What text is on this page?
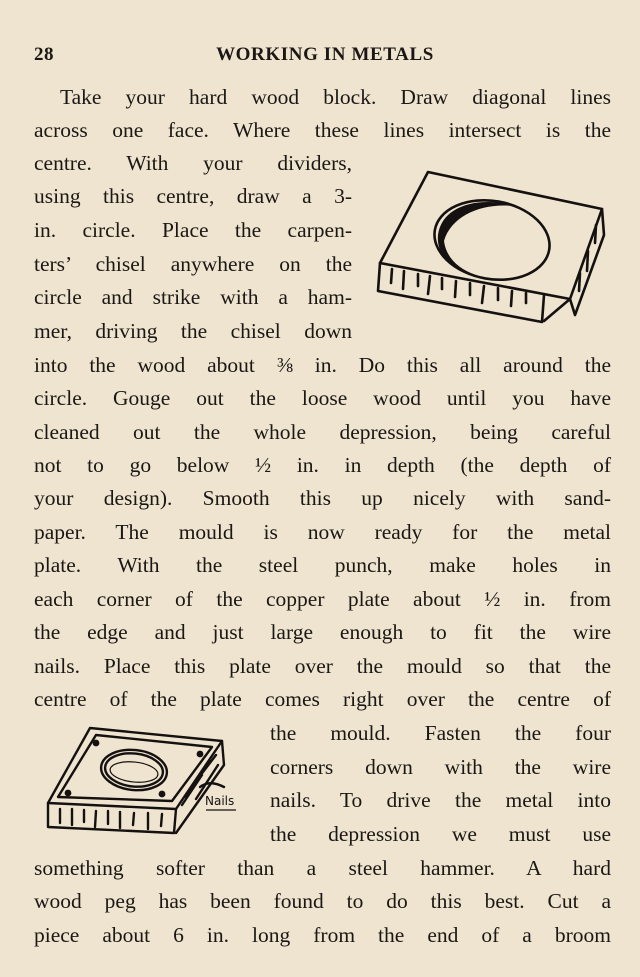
28	WORKING IN METALS
Take your hard wood block. Draw diagonal lines
across one face. Where these lines intersect is the
centre. With your dividers,
using this centre, draw a 3-
in. circle. Place the carpen-
ters’ chisel anywhere on the
circle and strike with a ham-
mer, driving the chisel down
into the wood about ⅜ in. Do this all around the
circle. Gouge out the loose wood until you have
cleaned out the whole depression, being careful
not to go below ½ in. in depth (the depth of
your design). Smooth this up nicely with sand-
paper. The mould is now ready for the metal
plate. With the steel punch, make holes in
each corner of the copper plate about ½ in. from
the edge and just large enough to fit the wire
nails. Place this plate over the mould so that the
centre of the plate comes right over the centre of
the mould. Fasten the four
corners down with the wire
nails. To drive the metal into
the depression we must use
something softer than a steel hammer. A hard
wood peg has been found to do this best. Cut a
piece about 6 in. long from the end of a broom
Nails
